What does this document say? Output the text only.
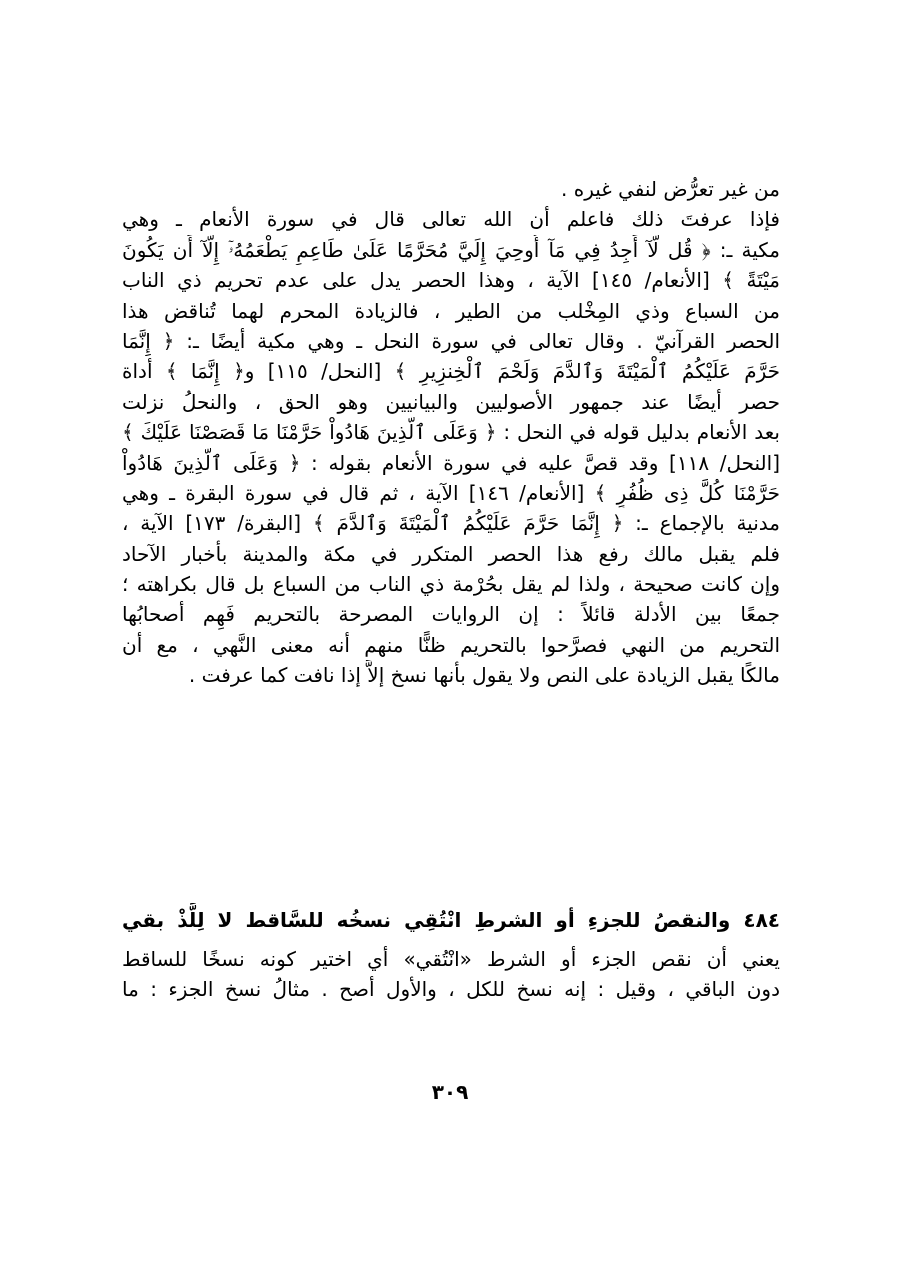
من غير تعرُّض لنفي غيره .
فإذا عرفتَ ذلك فاعلم أن الله تعالى قال في سورة الأنعام ـ وهي
مكية ـ: ﴿ قُل لَّآ أَجِدُ فِي مَآ أُوحِيَ إِلَيَّ مُحَرَّمًا عَلَىٰ طَاعِمٍ يَطْعَمُهُۥٓ إِلَّآ أَن يَكُونَ
مَيْتَةً ﴾ [الأنعام/ ١٤٥] الآية ، وهذا الحصر يدل على عدم تحريم ذي الناب
من السباع وذي المِخْلب من الطير ، فالزيادة المحرم لهما تُناقض هذا
الحصر القرآنيّ . وقال تعالى في سورة النحل ـ وهي مكية أيضًا ـ: ﴿ إِنَّمَا
حَرَّمَ عَلَيْكُمُ ٱلْمَيْتَةَ وَٱلدَّمَ وَلَحْمَ ٱلْخِنزِيرِ ﴾ [النحل/ ١١٥] و﴿ إِنَّمَا ﴾ أداة
حصر أيضًا عند جمهور الأصوليين والبيانيين وهو الحق ، والنحلُ نزلت
بعد الأنعام بدليل قوله في النحل : ﴿ وَعَلَى ٱلَّذِينَ هَادُواْ حَرَّمْنَا مَا قَصَصْنَا عَلَيْكَ ﴾
[النحل/ ١١٨] وقد قصَّ عليه في سورة الأنعام بقوله : ﴿ وَعَلَى ٱلَّذِينَ هَادُواْ
حَرَّمْنَا كُلَّ ذِى ظُفُرٍ ﴾ [الأنعام/ ١٤٦] الآية ، ثم قال في سورة البقرة ـ وهي
مدنية بالإجماع ـ: ﴿ إِنَّمَا حَرَّمَ عَلَيْكُمُ ٱلْمَيْتَةَ وَٱلدَّمَ ﴾ [البقرة/ ١٧٣] الآية ،
فلم يقبل مالك رفع هذا الحصر المتكرر في مكة والمدينة بأخبار الآحاد
وإن كانت صحيحة ، ولذا لم يقل بحُرْمة ذي الناب من السباع بل قال بكراهته ؛
جمعًا بين الأدلة قائلاً : إن الروايات المصرحة بالتحريم فَهِم أصحابُها
التحريم من النهي فصرَّحوا بالتحريم ظنًّا منهم أنه معنى النَّهي ، مع أن
مالكًا يقبل الزيادة على النص ولا يقول بأنها نسخ إلاَّ إذا نافت كما عرفت .
٤٨٤ والنقصُ للجزءِ أو الشرطِ انْتُقِي نسخُه للسَّاقط لا لِلَّذْ بقي
يعني أن نقص الجزء أو الشرط «انْتُقي» أي اختير كونه نسخًا للساقط
دون الباقي ، وقيل : إنه نسخ للكل ، والأول أصح . مثالُ نسخ الجزء : ما
٣٠٩
